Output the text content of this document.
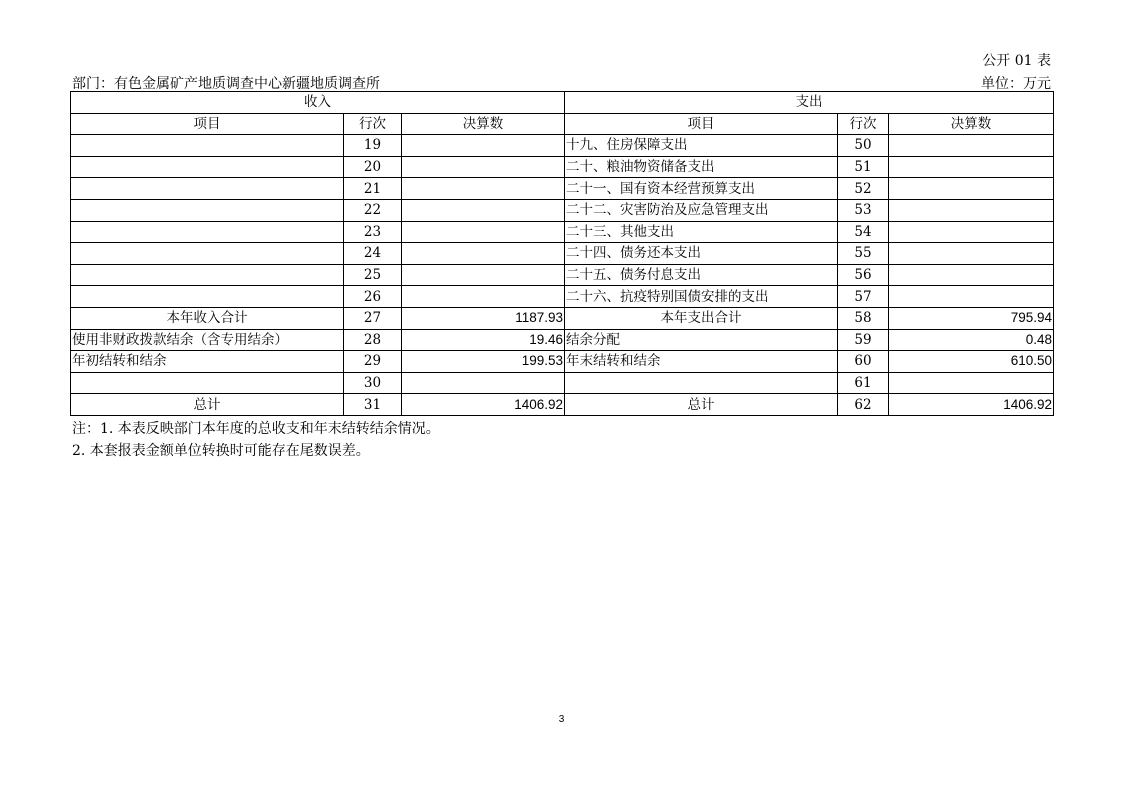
公开 01 表
部门：有色金属矿产地质调查中心新疆地质调查所	单位：万元
收入			支出		
项目	行次	决算数	项目	行次	决算数
	19		十九、住房保障支出	50	
	20		二十、粮油物资储备支出	51	
	21		二十一、国有资本经营预算支出	52	
	22		二十二、灾害防治及应急管理支出	53	
	23		二十三、其他支出	54	
	24		二十四、债务还本支出	55	
	25		二十五、债务付息支出	56	
	26		二十六、抗疫特别国债安排的支出	57	
本年收入合计	27	1187.93	本年支出合计	58	795.94
使用非财政拨款结余（含专用结余）	28	19.46	结余分配	59	0.48
年初结转和结余	29	199.53	年末结转和结余	60	610.50
	30			61	
总计	31	1406.92	总计	62	1406.92
注：1. 本表反映部门本年度的总收支和年末结转结余情况。
2. 本套报表金额单位转换时可能存在尾数误差。
3
